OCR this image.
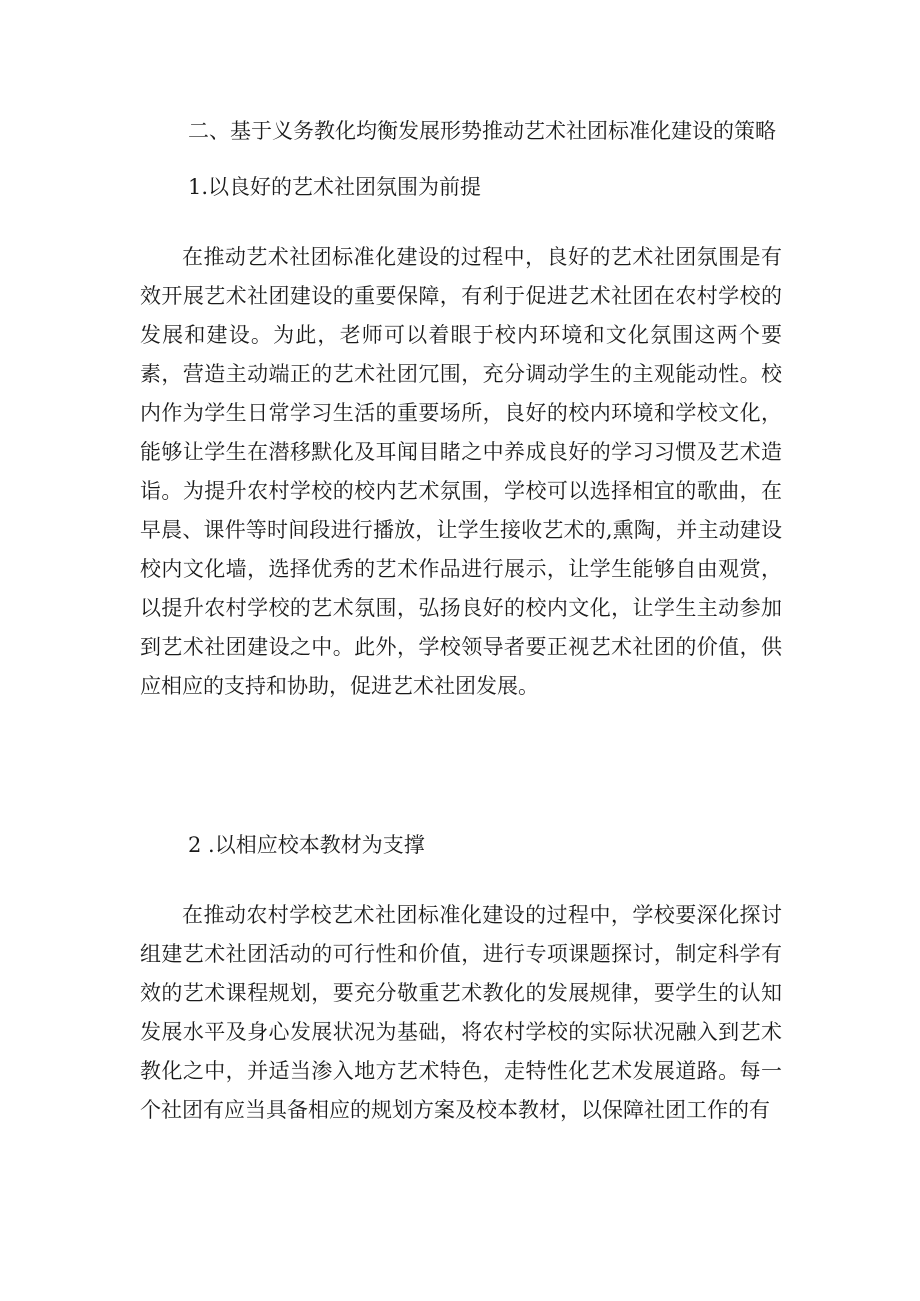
二、基于义务教化均衡发展形势推动艺术社团标准化建设的策略
1.以良好的艺术社团氛围为前提

在推动艺术社团标准化建设的过程中，良好的艺术社团氛围是有效开展艺术社团建设的重要保障，有利于促进艺术社团在农村学校的发展和建设。为此，老师可以着眼于校内环境和文化氛围这两个要素，营造主动端正的艺术社团冗围，充分调动学生的主观能动性。校内作为学生日常学习生活的重要场所，良好的校内环境和学校文化，能够让学生在潜移默化及耳闻目睹之中养成良好的学习习惯及艺术造诣。为提升农村学校的校内艺术氛围，学校可以选择相宜的歌曲，在早晨、课件等时间段进行播放，让学生接收艺术的,熏陶，并主动建设校内文化墙，选择优秀的艺术作品进行展示，让学生能够自由观赏，以提升农村学校的艺术氛围，弘扬良好的校内文化，让学生主动参加到艺术社团建设之中。此外，学校领导者要正视艺术社团的价值，供应相应的支持和协助，促进艺术社团发展。

2 .以相应校本教材为支撑

在推动农村学校艺术社团标准化建设的过程中，学校要深化探讨组建艺术社团活动的可行性和价值，进行专项课题探讨，制定科学有效的艺术课程规划，要充分敬重艺术教化的发展规律，要学生的认知发展水平及身心发展状况为基础，将农村学校的实际状况融入到艺术教化之中，并适当渗入地方艺术特色，走特性化艺术发展道路。每一个社团有应当具备相应的规划方案及校本教材，以保障社团工作的有
